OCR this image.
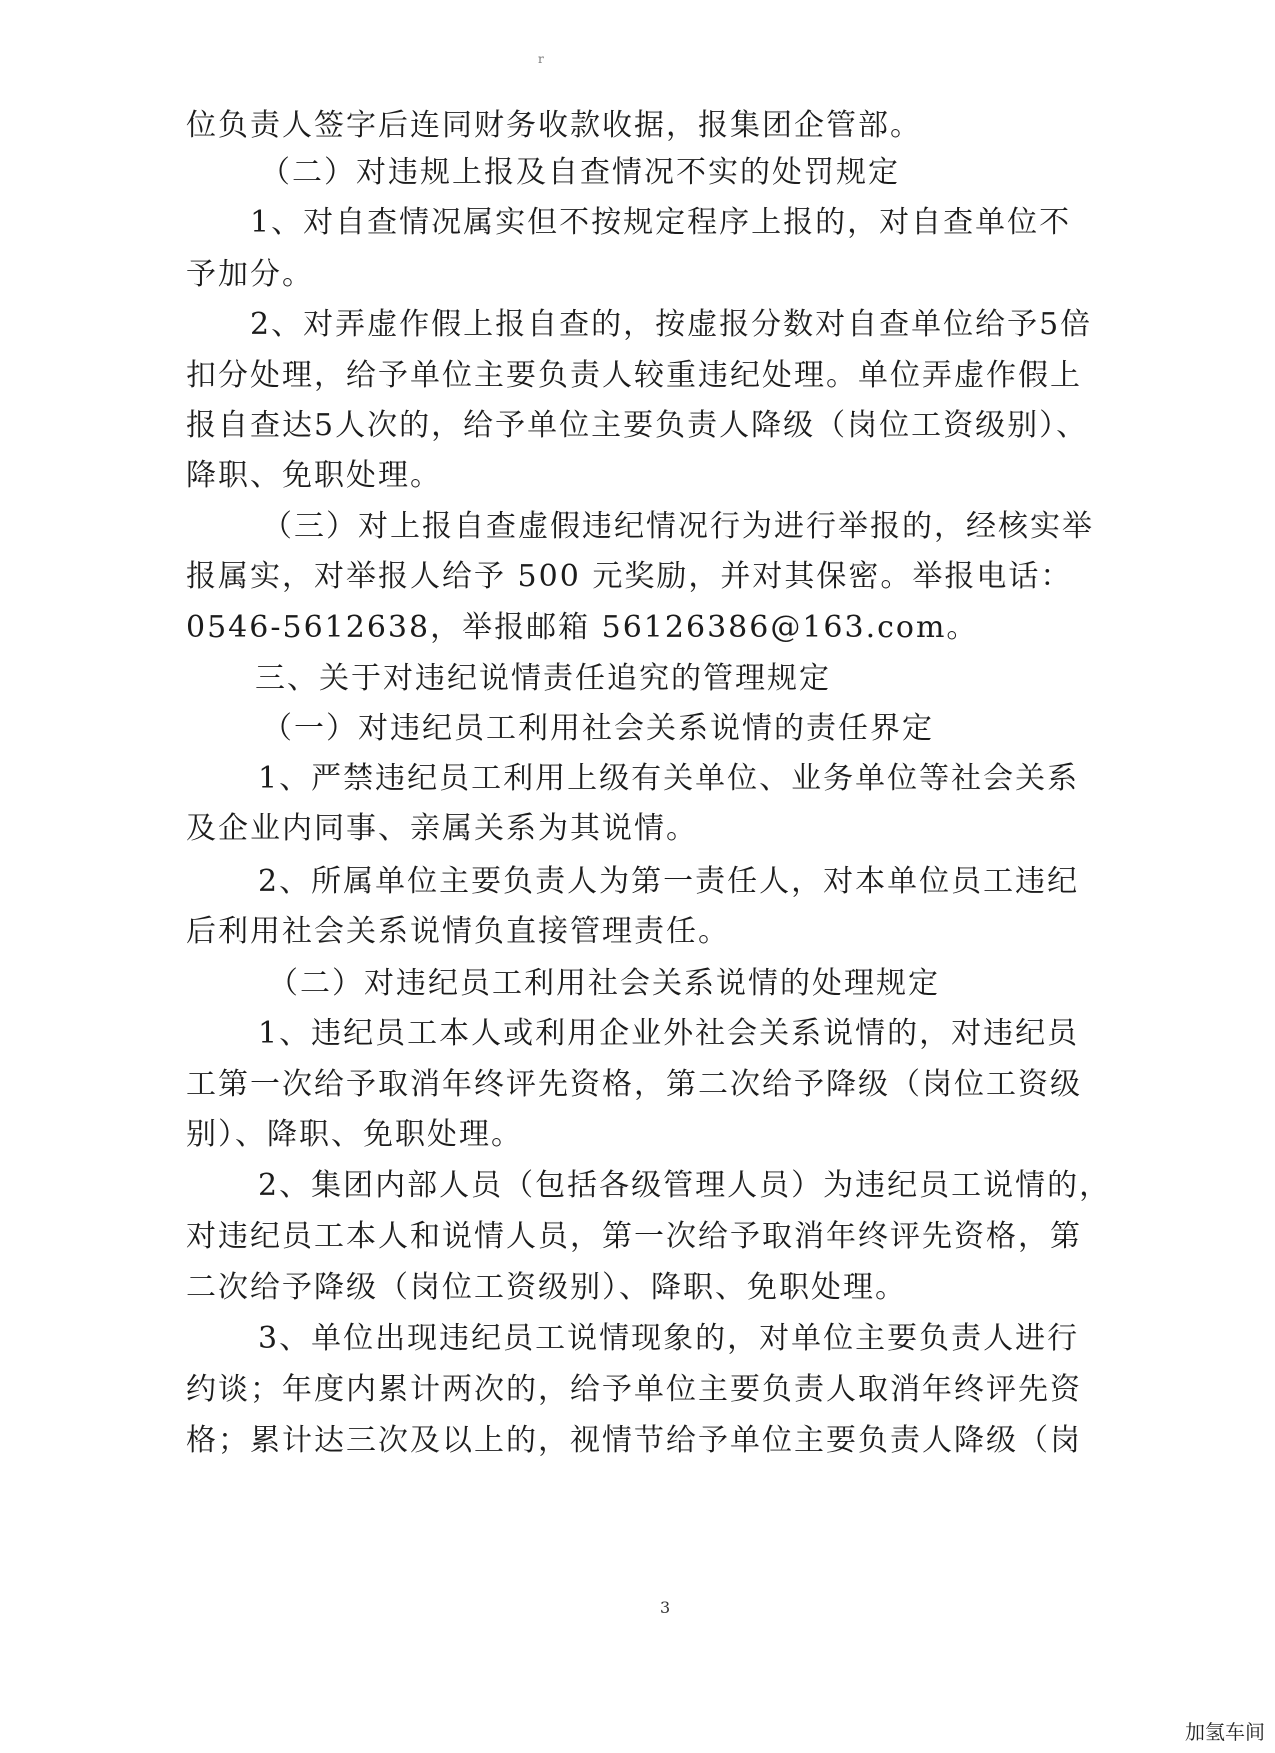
r
位负责人签字后连同财务收款收据，报集团企管部。
（二）对违规上报及自查情况不实的处罚规定
1、对自查情况属实但不按规定程序上报的，对自查单位不
予加分。
2、对弄虚作假上报自查的，按虚报分数对自查单位给予5倍
扣分处理，给予单位主要负责人较重违纪处理。单位弄虚作假上
报自查达5人次的，给予单位主要负责人降级（岗位工资级别）、
降职、免职处理。
（三）对上报自查虚假违纪情况行为进行举报的，经核实举
报属实，对举报人给予 500 元奖励，并对其保密。举报电话：
0546-5612638，举报邮箱 56126386@163.com。
三、关于对违纪说情责任追究的管理规定
（一）对违纪员工利用社会关系说情的责任界定
1、严禁违纪员工利用上级有关单位、业务单位等社会关系
及企业内同事、亲属关系为其说情。
2、所属单位主要负责人为第一责任人，对本单位员工违纪
后利用社会关系说情负直接管理责任。
（二）对违纪员工利用社会关系说情的处理规定
1、违纪员工本人或利用企业外社会关系说情的，对违纪员
工第一次给予取消年终评先资格，第二次给予降级（岗位工资级
别）、降职、免职处理。
2、集团内部人员（包括各级管理人员）为违纪员工说情的，
对违纪员工本人和说情人员，第一次给予取消年终评先资格，第
二次给予降级（岗位工资级别）、降职、免职处理。
3、单位出现违纪员工说情现象的，对单位主要负责人进行
约谈；年度内累计两次的，给予单位主要负责人取消年终评先资
格；累计达三次及以上的，视情节给予单位主要负责人降级（岗
3
加氢车间
